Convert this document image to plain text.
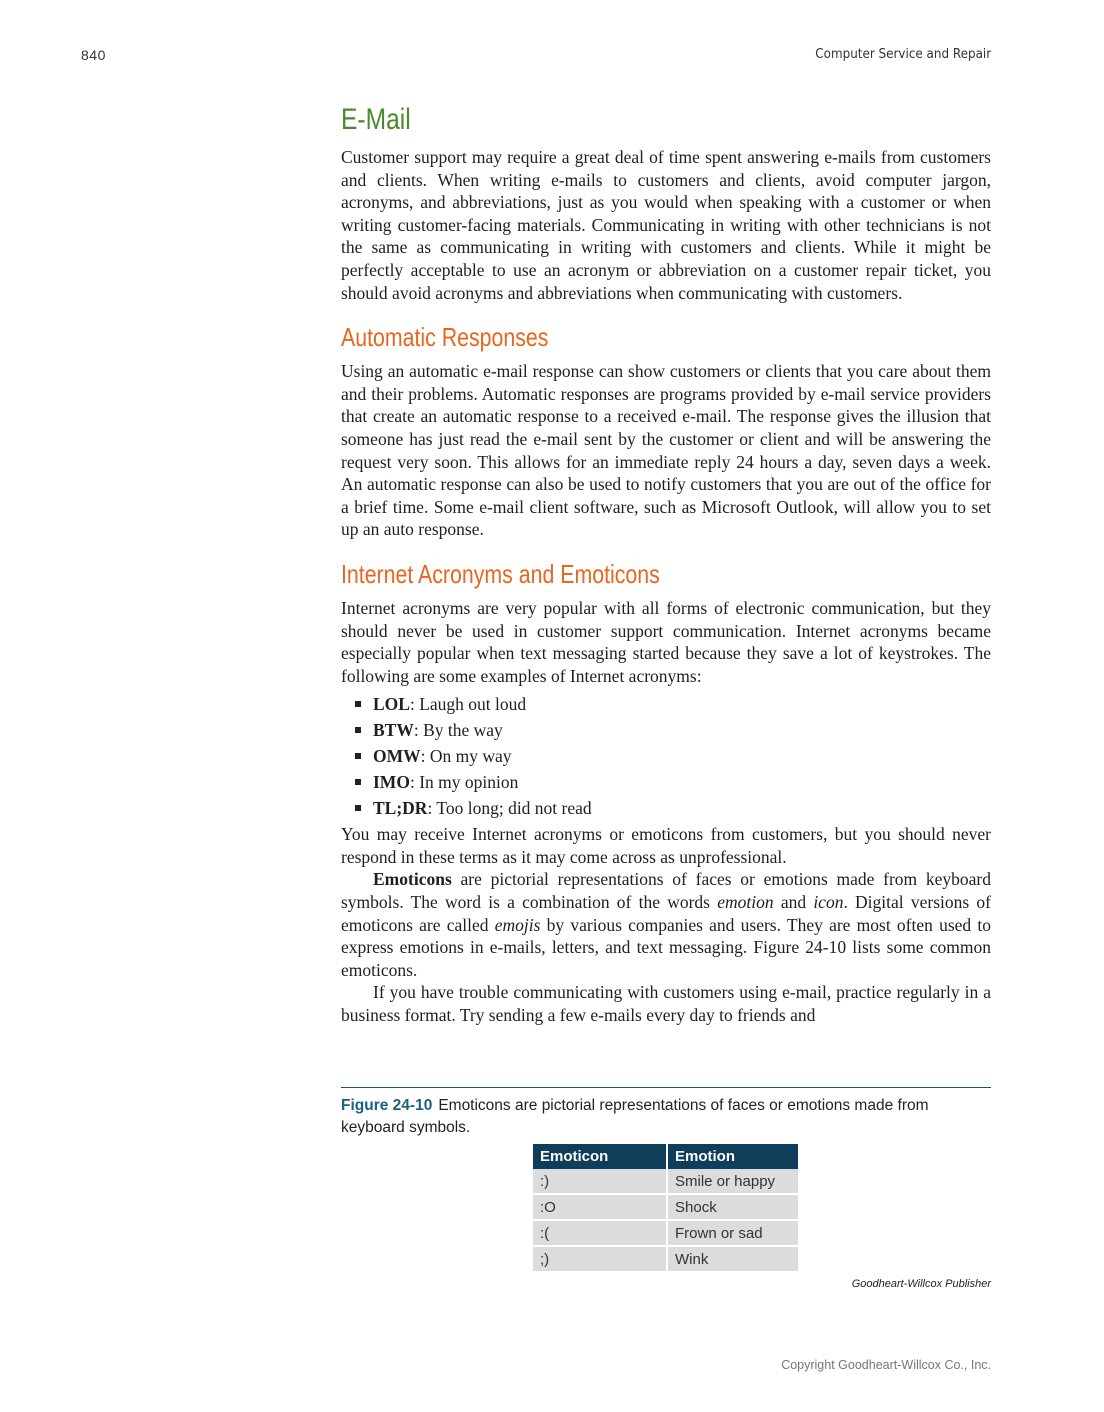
840	Computer Service and Repair
E-Mail

Customer support may require a great deal of time spent answering e-mails from customers and clients. When writing e-mails to customers and clients, avoid computer jargon, acronyms, and abbreviations, just as you would when speaking with a customer or when writing customer-facing materials. Communicating in writing with other technicians is not the same as communicating in writing with customers and clients. While it might be perfectly acceptable to use an acronym or abbreviation on a customer repair ticket, you should avoid acronyms and abbreviations when communicating with customers.

Automatic Responses

Using an automatic e-mail response can show customers or clients that you care about them and their problems. Automatic responses are programs provided by e-mail service providers that create an automatic response to a received e-mail. The response gives the illusion that someone has just read the e-mail sent by the customer or client and will be answering the request very soon. This allows for an immediate reply 24 hours a day, seven days a week. An automatic response can also be used to notify customers that you are out of the office for a brief time. Some e-mail client software, such as Microsoft Outlook, will allow you to set up an auto response.

Internet Acronyms and Emoticons

Internet acronyms are very popular with all forms of electronic communication, but they should never be used in customer support communication. Internet acronyms became especially popular when text messaging started because they save a lot of keystrokes. The following are some examples of Internet acronyms:

LOL: Laugh out loud
BTW: By the way
OMW: On my way
IMO: In my opinion
TL;DR: Too long; did not read

You may receive Internet acronyms or emoticons from customers, but you should never respond in these terms as it may come across as unprofessional.

Emoticons are pictorial representations of faces or emotions made from keyboard symbols. The word is a combination of the words emotion and icon. Digital versions of emoticons are called emojis by various companies and users. They are most often used to express emotions in e-mails, letters, and text messaging. Figure 24-10 lists some common emoticons.

If you have trouble communicating with customers using e-mail, practice regularly in a business format. Try sending a few e-mails every day to friends and

Figure 24-10 Emoticons are pictorial representations of faces or emotions made from keyboard symbols.
Emoticon	Emotion
:)	Smile or happy
:O	Shock
:(	Frown or sad
;)	Wink
Goodheart-Willcox Publisher
Copyright Goodheart-Willcox Co., Inc.
